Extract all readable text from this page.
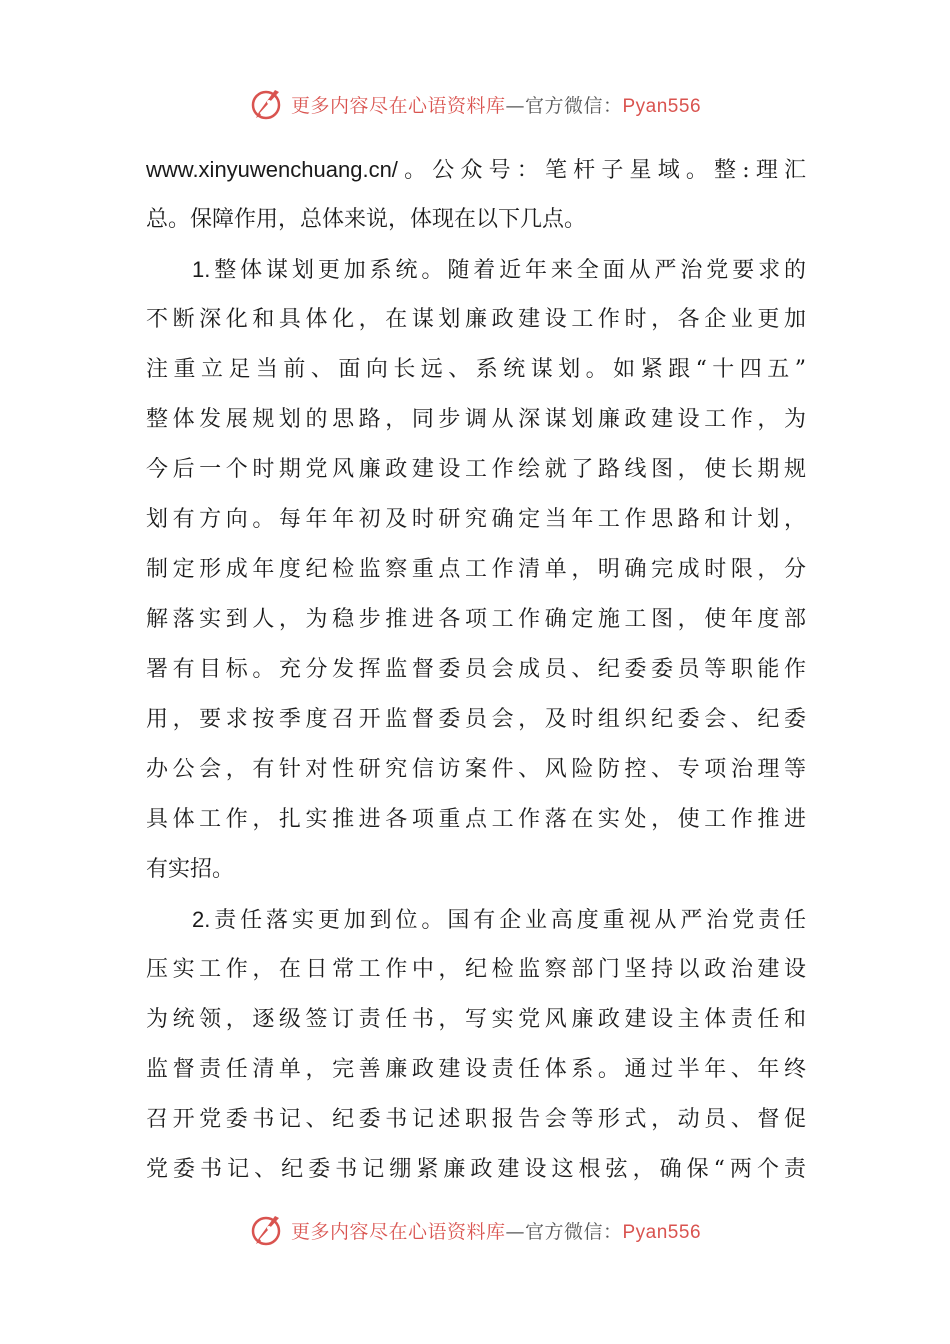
更多内容尽在心语资料库—官方微信：Pyan556
www.xinyuwenchuang.cn/。公众号：笔杆子星域。整:理汇
总。保障作用，总体来说，体现在以下几点。
1.整体谋划更加系统。随着近年来全面从严治党要求的
不断深化和具体化，在谋划廉政建设工作时，各企业更加
注重立足当前、面向长远、系统谋划。如紧跟“十四五”
整体发展规划的思路，同步调从深谋划廉政建设工作，为
今后一个时期党风廉政建设工作绘就了路线图，使长期规
划有方向。每年年初及时研究确定当年工作思路和计划，
制定形成年度纪检监察重点工作清单，明确完成时限，分
解落实到人，为稳步推进各项工作确定施工图，使年度部
署有目标。充分发挥监督委员会成员、纪委委员等职能作
用，要求按季度召开监督委员会，及时组织纪委会、纪委
办公会，有针对性研究信访案件、风险防控、专项治理等
具体工作，扎实推进各项重点工作落在实处，使工作推进
有实招。
2.责任落实更加到位。国有企业高度重视从严治党责任
压实工作，在日常工作中，纪检监察部门坚持以政治建设
为统领，逐级签订责任书，写实党风廉政建设主体责任和
监督责任清单，完善廉政建设责任体系。通过半年、年终
召开党委书记、纪委书记述职报告会等形式，动员、督促
党委书记、纪委书记绷紧廉政建设这根弦，确保“两个责
更多内容尽在心语资料库—官方微信：Pyan556
